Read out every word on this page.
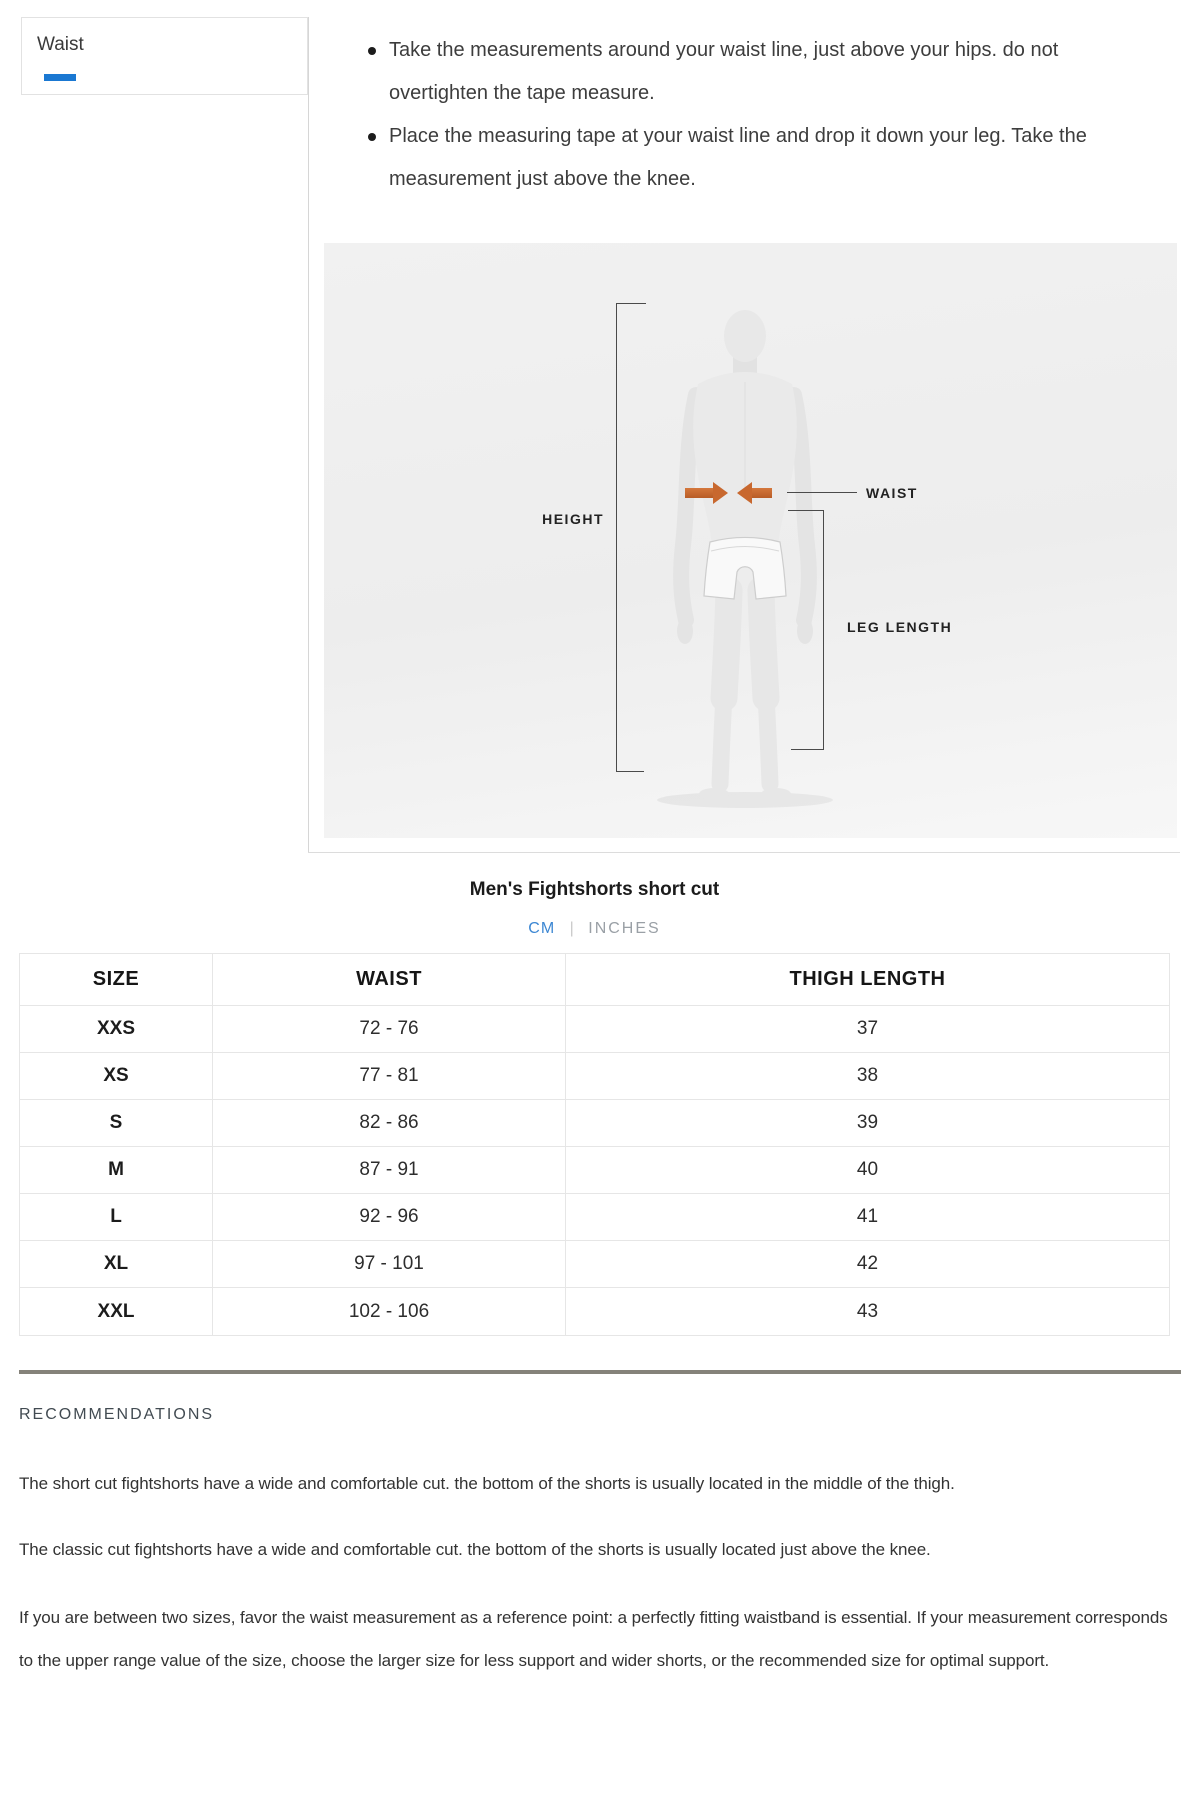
Waist	Take the measurements around your waist line, just above your hips. do not overtighten the tape measure.
Place the measuring tape at your waist line and drop it down your leg. Take the measurement just above the knee.
HEIGHT
WAIST
LEG LENGTH
Men's Fightshorts short cut
CM | INCHES
SIZE	WAIST	THIGH LENGTH
XXS	72 - 76	37
XS	77 - 81	38
S	82 - 86	39
M	87 - 91	40
L	92 - 96	41
XL	97 - 101	42
XXL	102 - 106	43
RECOMMENDATIONS

The short cut fightshorts have a wide and comfortable cut. the bottom of the shorts is usually located in the middle of the thigh.

The classic cut fightshorts have a wide and comfortable cut. the bottom of the shorts is usually located just above the knee.

If you are between two sizes, favor the waist measurement as a reference point: a perfectly fitting waistband is essential. If your measurement corresponds to the upper range value of the size, choose the larger size for less support and wider shorts, or the recommended size for optimal support.
